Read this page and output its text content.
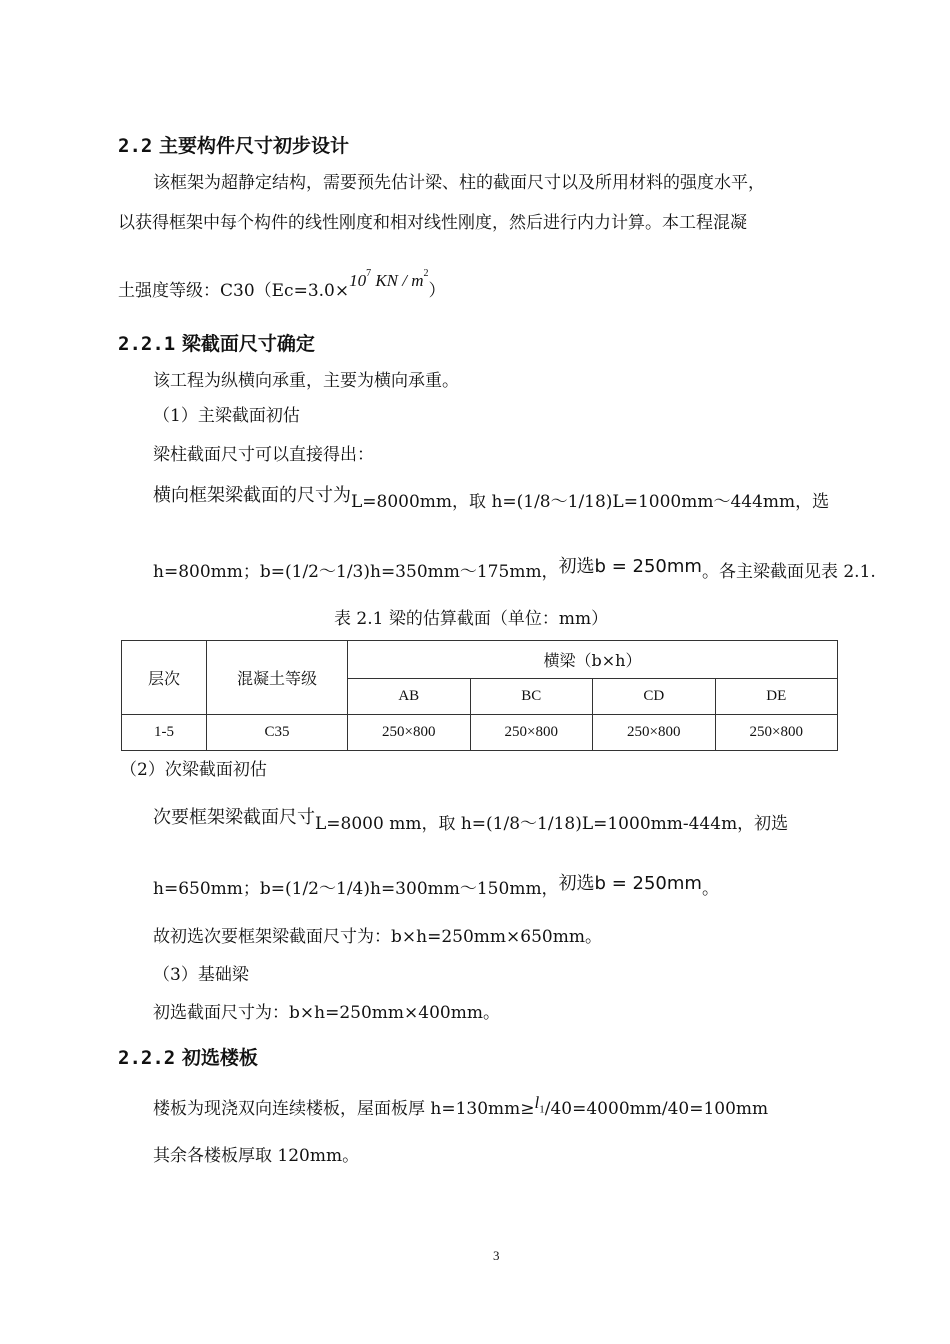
2.2 主要构件尺寸初步设计
该框架为超静定结构，需要预先估计梁、柱的截面尺寸以及所用材料的强度水平，
以获得框架中每个构件的线性刚度和相对线性刚度，然后进行内力计算。本工程混凝
土强度等级：$C30(Ec=3.0\times 10^7$ KN / $m^2$）
2.2.1 梁截面尺寸确定
该工程为纵横向承重，主要为横向承重。
（1）主梁截面初估
梁柱截面尺寸可以直接得出：
横向框架梁截面的尺寸为L=8000mm，取 h=(1/8～1/18)L=1000mm～444mm，选
h=800mm；b=(1/2～1/3)h=350mm～175mm，初选b = 250mm。各主梁截面见表 2.1.
表 2.1 梁的估算截面（单位：mm）
层次	混凝土等级	横梁（b×h）			
		AB	BC	CD	DE
1-5	C35	250×800	250×800	250×800	250×800
（2）次梁截面初估
次要框架梁截面尺寸L=8000 mm，取 h=(1/8～1/18)L=1000mm-444m，初选
h=650mm；b=(1/2～1/4)h=300mm～150mm，初选b = 250mm。
故初选次要框架梁截面尺寸为：b×h=250mm×650mm。
（3）基础梁
初选截面尺寸为：b×h=250mm×400mm。
2.2.2 初选楼板
楼板为现浇双向连续楼板，屋面板厚 $h=130mm\ge l_1/40=4000mm/40=100mm$
其余各楼板厚取 120mm。
3
